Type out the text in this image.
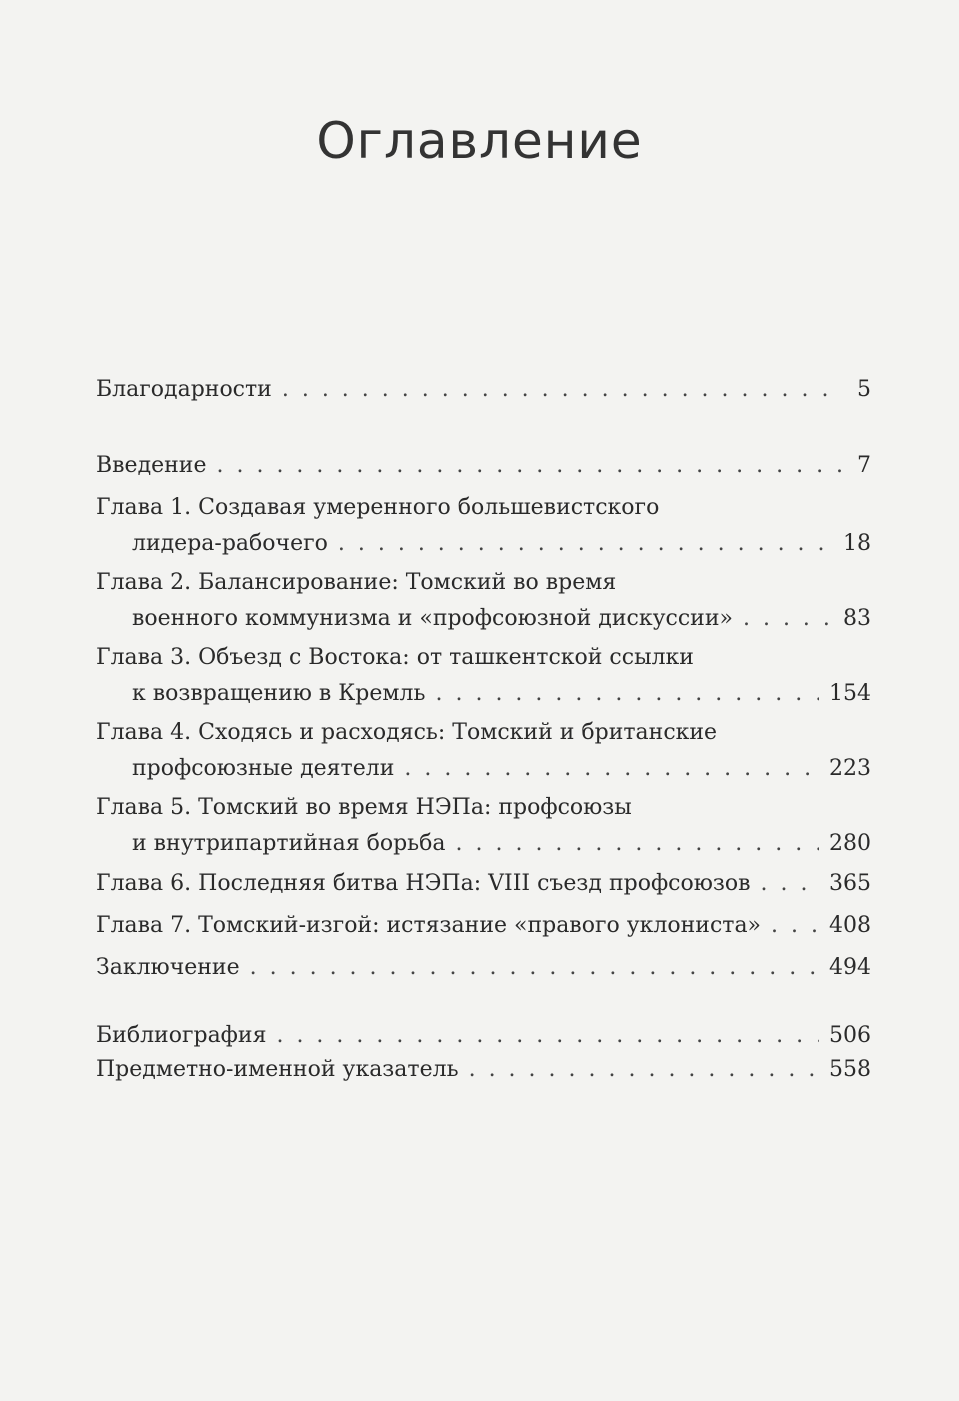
Оглавление
Благодарности . . .	5
Введение . . .	7
Глава 1. Создавая умеренного большевистского
лидера-рабочего . . .	18
Глава 2. Балансирование: Томский во время
военного коммунизма и «профсоюзной дискуссии» . . .	83
Глава 3. Объезд с Востока: от ташкентской ссылки
к возвращению в Кремль . . .	154
Глава 4. Сходясь и расходясь: Томский и британские
профсоюзные деятели . . .	223
Глава 5. Томский во время НЭПа: профсоюзы
и внутрипартийная борьба . . .	280
Глава 6. Последняя битва НЭПа: VIII съезд профсоюзов . . .	365
Глава 7. Томский-изгой: истязание «правого уклониста» . . .	408
Заключение . . .	494
Библиография . . .	506
Предметно-именной указатель . . .	558
